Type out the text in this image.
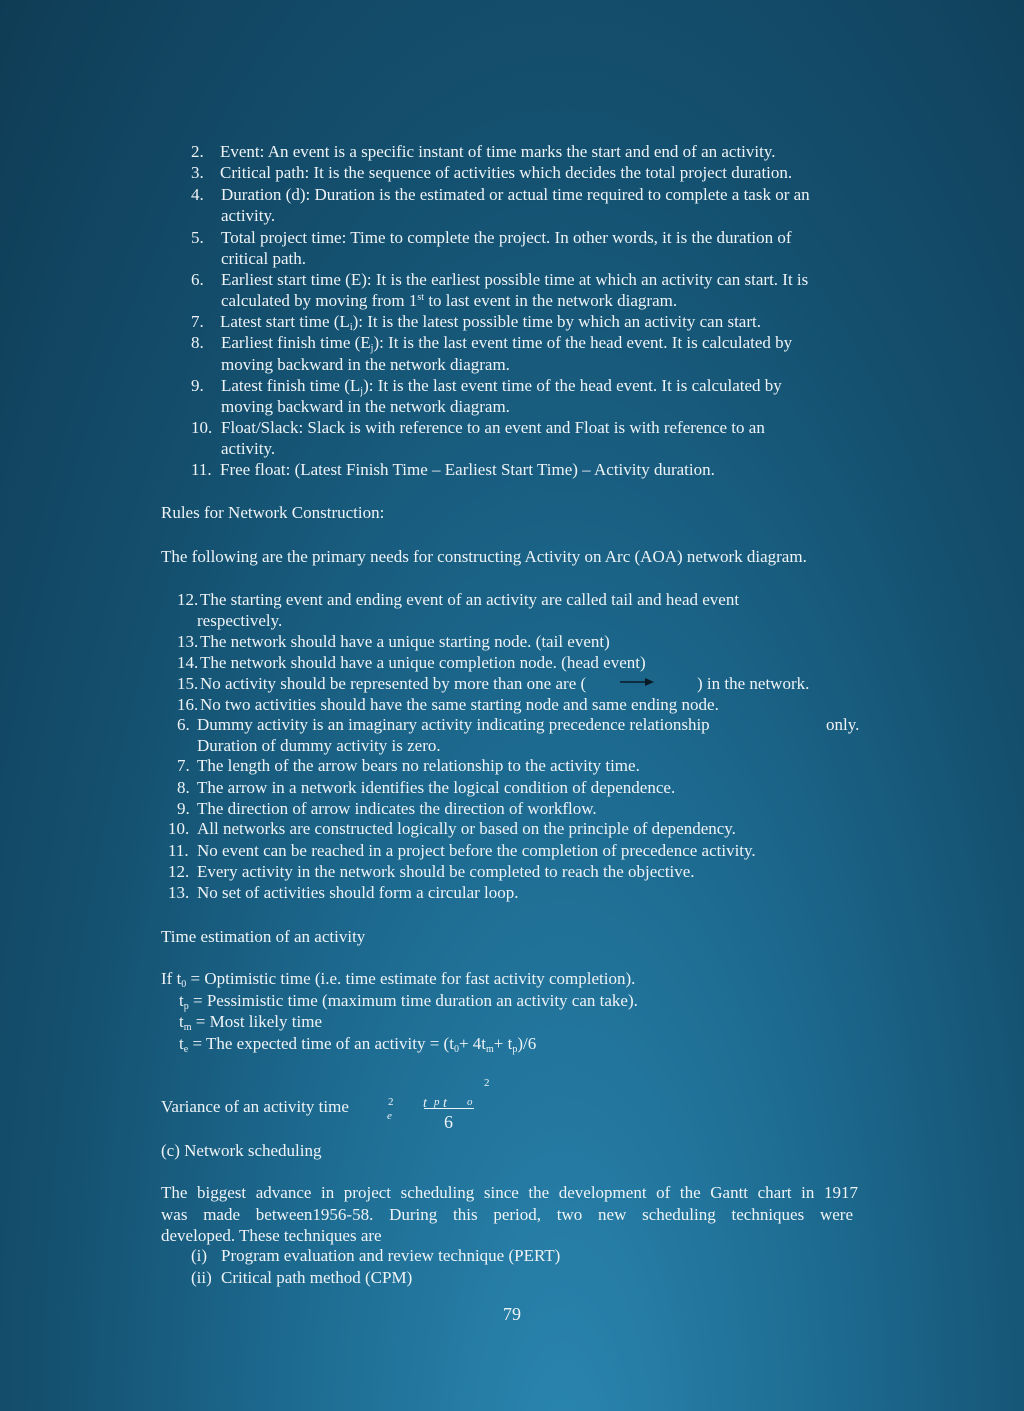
2. Event: An event is a specific instant of time marks the start and end of an activity.
3. Critical path: It is the sequence of activities which decides the total project duration.
4. Duration (d): Duration is the estimated or actual time required to complete a task or an
activity.
5. Total project time: Time to complete the project. In other words, it is the duration of
critical path.
6. Earliest start time (E): It is the earliest possible time at which an activity can start. It is
calculated by moving from 1st to last event in the network diagram.
7. Latest start time $(L_i)$: It is the latest possible time by which an activity can start.
8. Earliest finish time $(E_j)$: It is the last event time of the head event. It is calculated by
moving backward in the network diagram.
9. Latest finish time $(L_j)$: It is the last event time of the head event. It is calculated by
moving backward in the network diagram.
10. Float/Slack: Slack is with reference to an event and Float is with reference to an
activity.
11. Free float: (Latest Finish Time – Earliest Start Time) – Activity duration.
Rules for Network Construction:
The following are the primary needs for constructing Activity on Arc (AOA) network diagram.
12. The starting event and ending event of an activity are called tail and head event
respectively.
13. The network should have a unique starting node. (tail event)
14. The network should have a unique completion node. (head event)
15. No activity should be represented by more than one are (	) in the network.
16. No two activities should have the same starting node and same ending node.
6. Dummy activity is an imaginary activity indicating precedence relationship	only.
Duration of dummy activity is zero.
7. The length of the arrow bears no relationship to the activity time.
8. The arrow in a network identifies the logical condition of dependence.
9. The direction of arrow indicates the direction of workflow.
10. All networks are constructed logically or based on the principle of dependency.
11. No event can be reached in a project before the completion of precedence activity.
12. Every activity in the network should be completed to reach the objective.
13. No set of activities should form a circular loop.
Time estimation of an activity
If $t_0$ = Optimistic time (i.e. time estimate for fast activity completion).
$t_p$ = Pessimistic time (maximum time duration an activity can take).
$t_m$ = Most likely time
$t_e$ = The expected time of an activity = $(t_0+ 4t_m+ t_p)/6$
Variance of an activity time	2
e
t p t o
2
6
(c) Network scheduling
The biggest advance in project scheduling since the development of the Gantt chart in 1917
was made between1956-58. During this period, two new scheduling techniques were
developed. These techniques are
(i) Program evaluation and review technique (PERT)
(ii) Critical path method (CPM)
79
